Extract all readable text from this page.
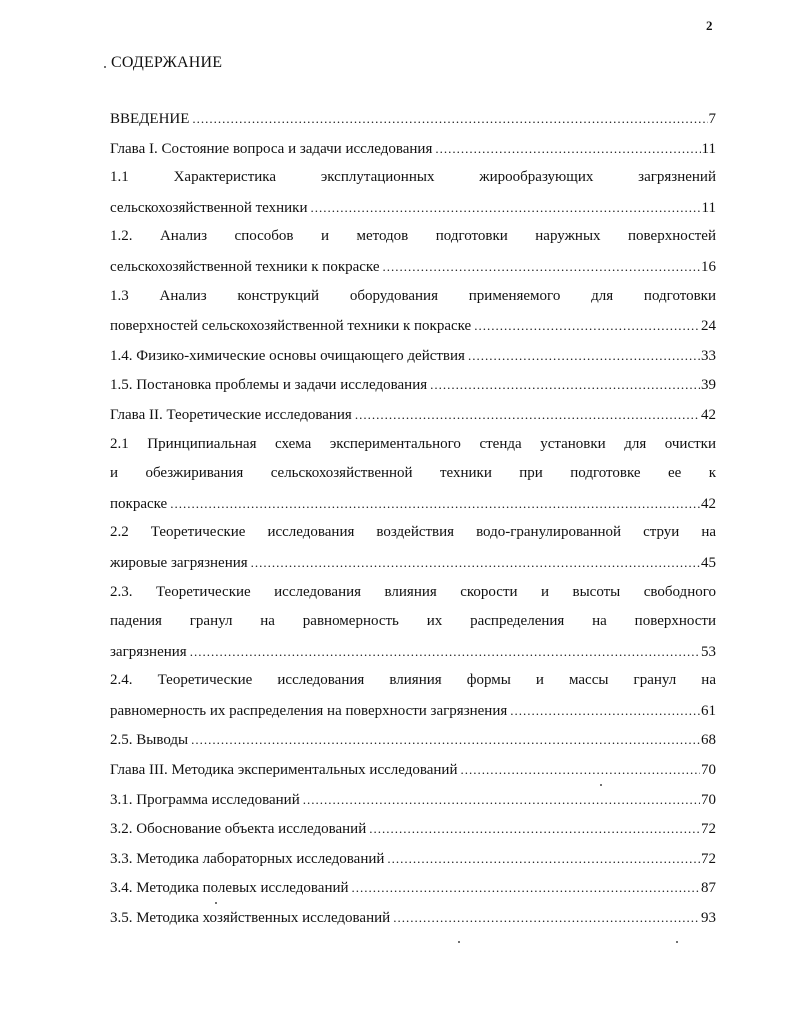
2
СОДЕРЖАНИЕ
ВВЕДЕНИЕ .....	7
Глава I. Состояние вопроса и задачи исследования .....	11
1.1 Характеристика эксплутационных жирообразующих загрязнений
сельскохозяйственной техники .....	11
1.2. Анализ способов и методов подготовки наружных поверхностей
сельскохозяйственной техники к покраске .....	16
1.3 Анализ конструкций оборудования применяемого для подготовки
поверхностей сельскохозяйственной техники к покраске .....	24
1.4. Физико-химические основы очищающего действия .....	33
1.5. Постановка проблемы и задачи исследования .....	39
Глава II. Теоретические исследования .....	42
2.1 Принципиальная схема экспериментального стенда установки для очистки
и обезжиривания сельскохозяйственной техники при подготовке ее к
покраске .....	42
2.2 Теоретические исследования воздействия водо-гранулированной струи на
жировые загрязнения .....	45
2.3. Теоретические исследования влияния скорости и высоты свободного
падения гранул на равномерность их распределения на поверхности
загрязнения .....	53
2.4. Теоретические исследования влияния формы и массы гранул на
равномерность их распределения на поверхности загрязнения .....	61
2.5. Выводы .....	68
Глава III. Методика экспериментальных исследований .....	70
3.1. Программа исследований .....	70
3.2. Обоснование объекта исследований .....	72
3.3. Методика лабораторных исследований .....	72
3.4. Методика полевых исследований .....	87
3.5. Методика хозяйственных исследований .....	93
